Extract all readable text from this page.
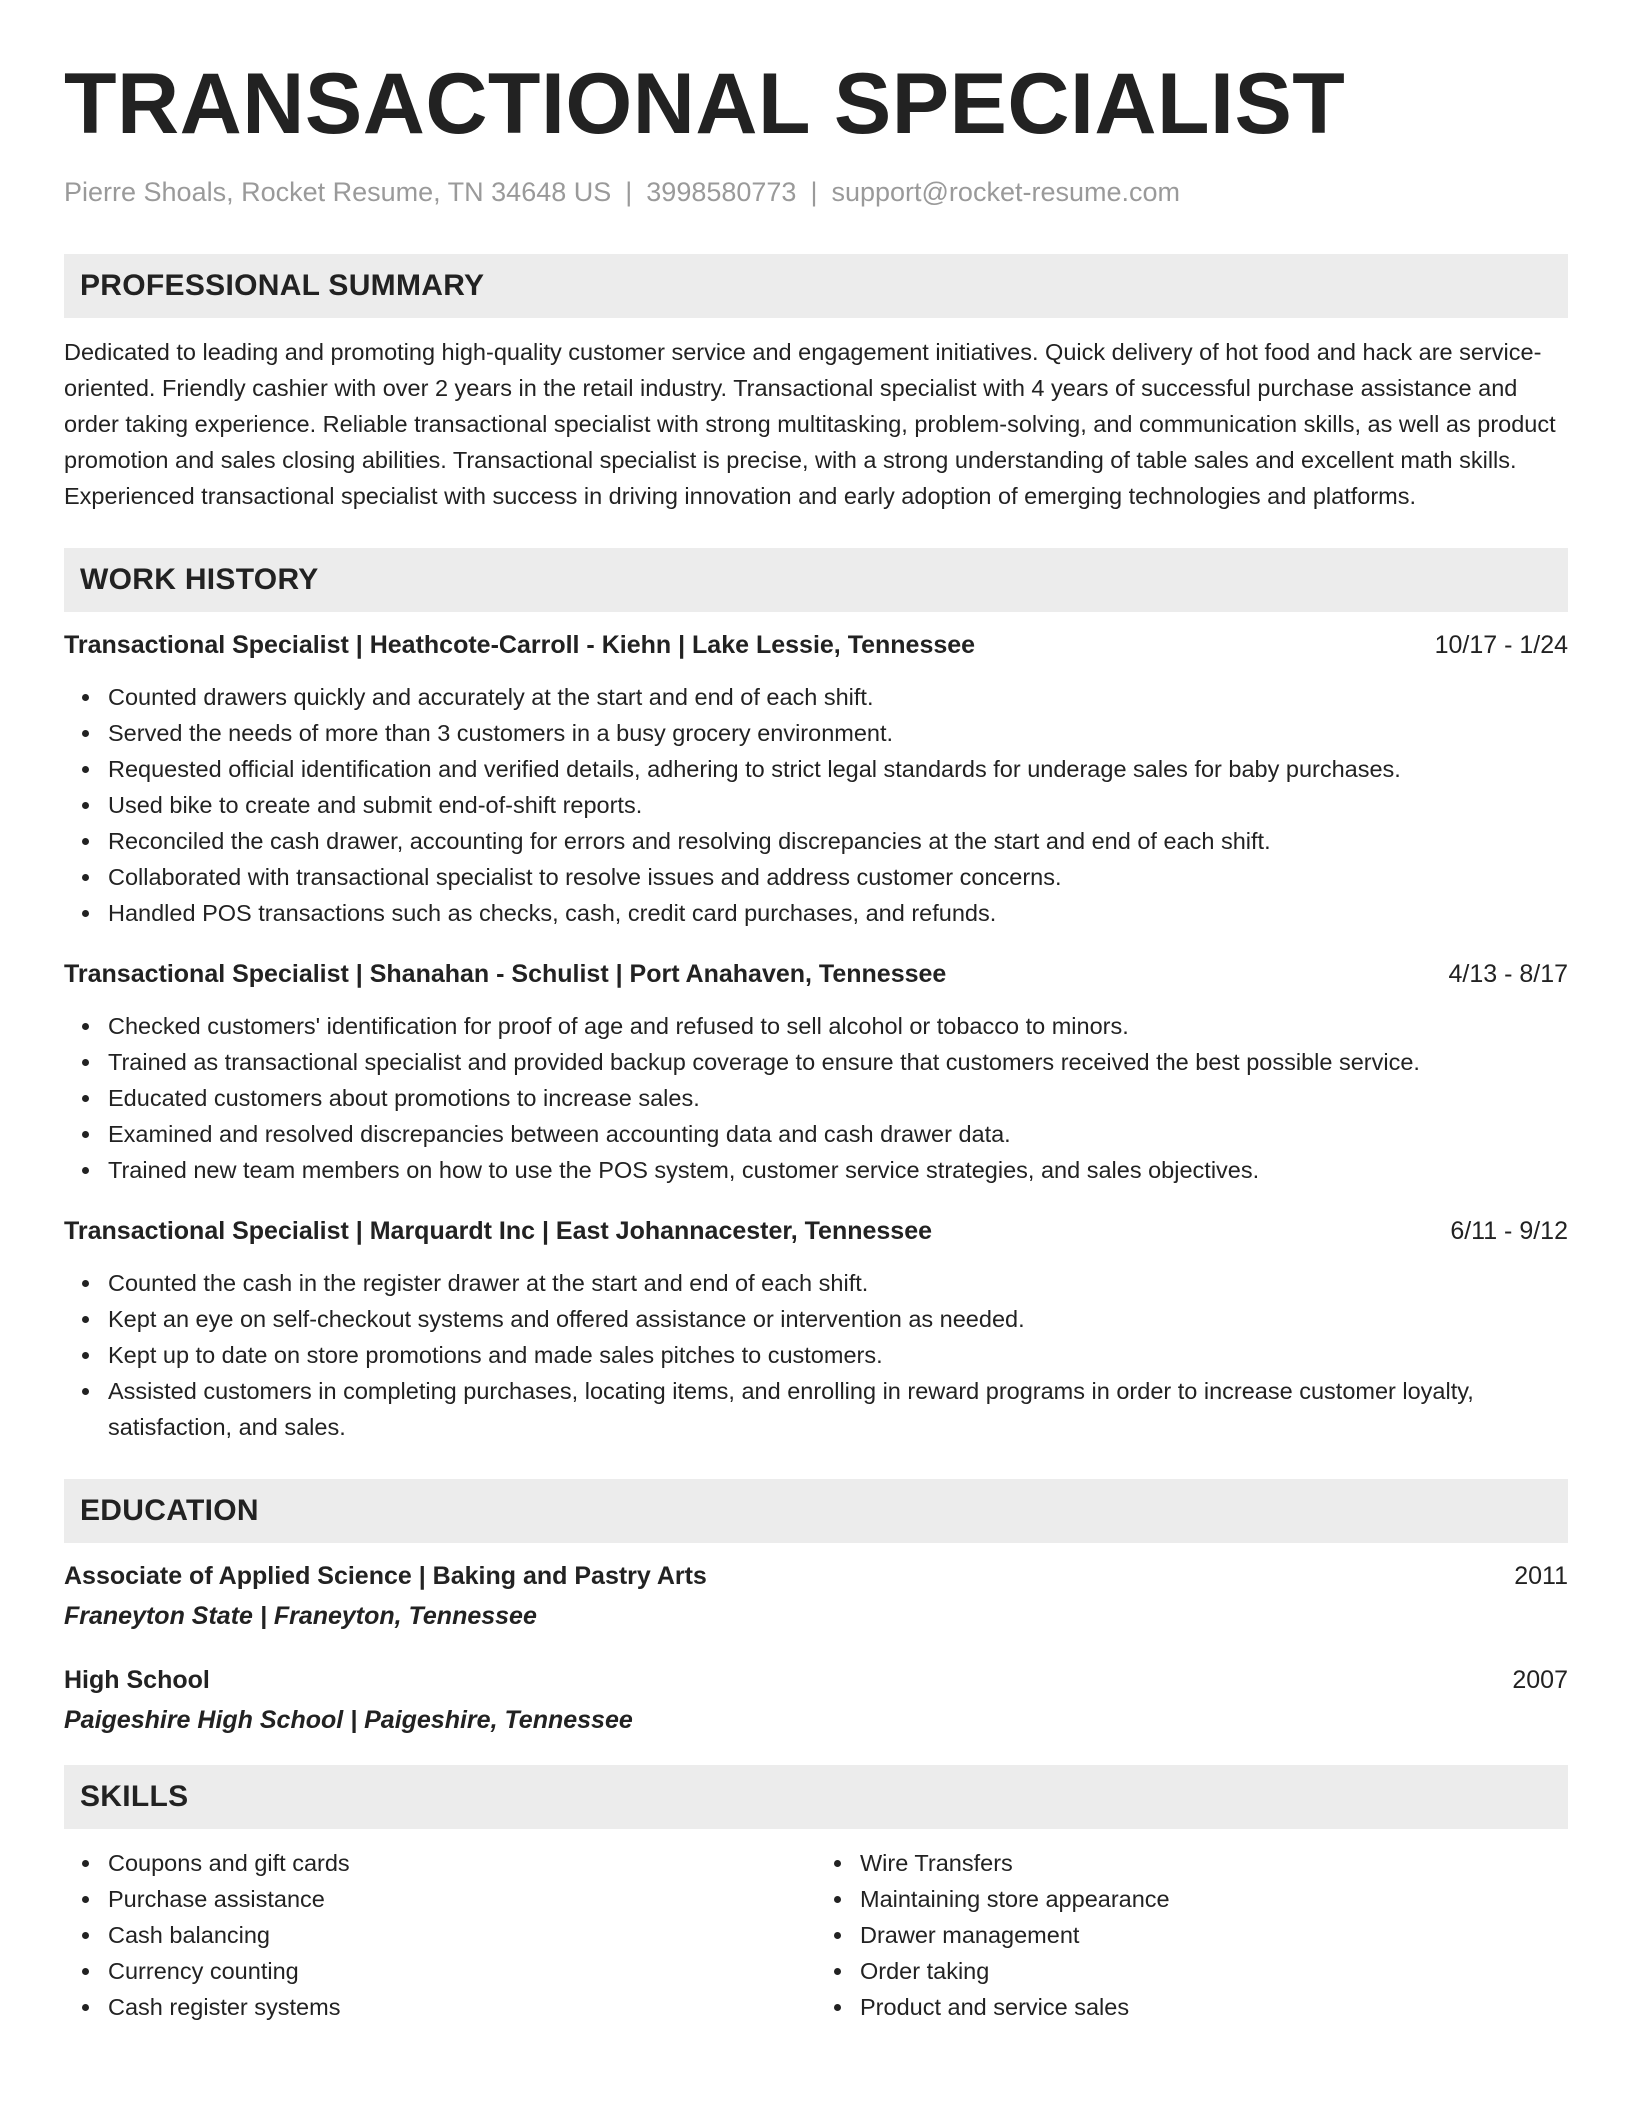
TRANSACTIONAL SPECIALIST
Pierre Shoals, Rocket Resume, TN 34648 US | 3998580773 | support@rocket-resume.com
PROFESSIONAL SUMMARY
Dedicated to leading and promoting high-quality customer service and engagement initiatives. Quick delivery of hot food and hack are service-oriented. Friendly cashier with over 2 years in the retail industry. Transactional specialist with 4 years of successful purchase assistance and order taking experience. Reliable transactional specialist with strong multitasking, problem-solving, and communication skills, as well as product promotion and sales closing abilities. Transactional specialist is precise, with a strong understanding of table sales and excellent math skills. Experienced transactional specialist with success in driving innovation and early adoption of emerging technologies and platforms.
WORK HISTORY
Transactional Specialist | Heathcote-Carroll - Kiehn | Lake Lessie, Tennessee	10/17 - 1/24
Counted drawers quickly and accurately at the start and end of each shift.
Served the needs of more than 3 customers in a busy grocery environment.
Requested official identification and verified details, adhering to strict legal standards for underage sales for baby purchases.
Used bike to create and submit end-of-shift reports.
Reconciled the cash drawer, accounting for errors and resolving discrepancies at the start and end of each shift.
Collaborated with transactional specialist to resolve issues and address customer concerns.
Handled POS transactions such as checks, cash, credit card purchases, and refunds.
Transactional Specialist | Shanahan - Schulist | Port Anahaven, Tennessee	4/13 - 8/17
Checked customers' identification for proof of age and refused to sell alcohol or tobacco to minors.
Trained as transactional specialist and provided backup coverage to ensure that customers received the best possible service.
Educated customers about promotions to increase sales.
Examined and resolved discrepancies between accounting data and cash drawer data.
Trained new team members on how to use the POS system, customer service strategies, and sales objectives.
Transactional Specialist | Marquardt Inc | East Johannacester, Tennessee	6/11 - 9/12
Counted the cash in the register drawer at the start and end of each shift.
Kept an eye on self-checkout systems and offered assistance or intervention as needed.
Kept up to date on store promotions and made sales pitches to customers.
Assisted customers in completing purchases, locating items, and enrolling in reward programs in order to increase customer loyalty, satisfaction, and sales.
EDUCATION
Associate of Applied Science | Baking and Pastry Arts	2011
Franeyton State | Franeyton, Tennessee
High School	2007
Paigeshire High School | Paigeshire, Tennessee
SKILLS
Coupons and gift cards
Purchase assistance
Cash balancing
Currency counting
Cash register systems
Wire Transfers
Maintaining store appearance
Drawer management
Order taking
Product and service sales
